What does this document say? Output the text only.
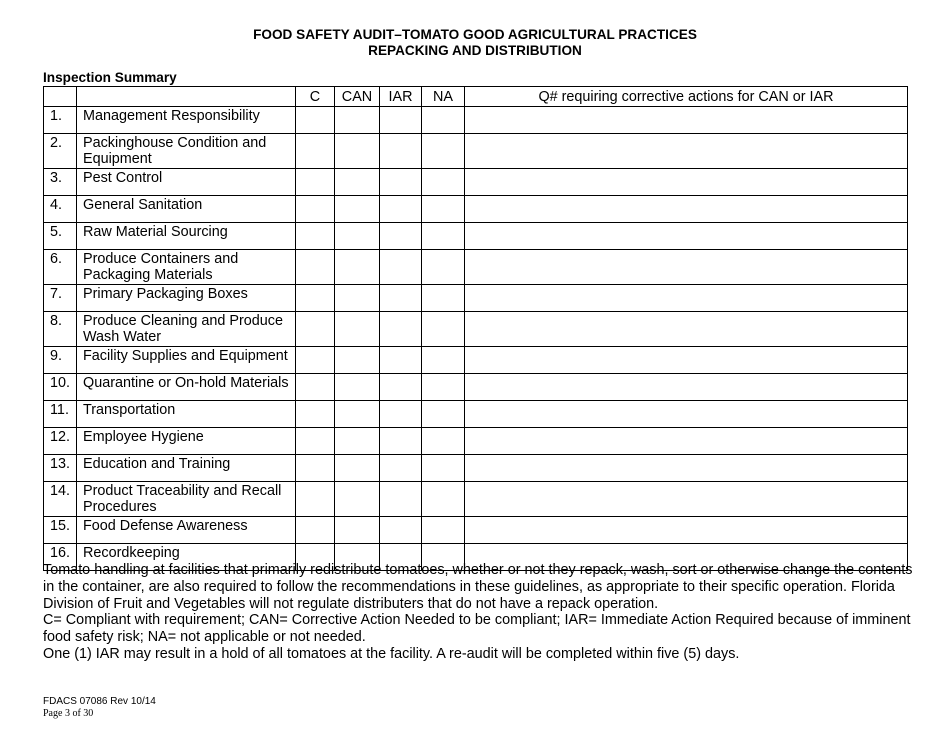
FOOD SAFETY AUDIT–TOMATO GOOD AGRICULTURAL PRACTICES
REPACKING AND DISTRIBUTION
Inspection Summary
		C	CAN	IAR	NA	Q# requiring corrective actions for CAN or IAR
1.	Management Responsibility					
2.	Packinghouse Condition and Equipment					
3.	Pest Control					
4.	General Sanitation					
5.	Raw Material Sourcing					
6.	Produce Containers and Packaging Materials					
7.	Primary Packaging Boxes					
8.	Produce Cleaning and Produce Wash Water					
9.	Facility Supplies and Equipment					
10.	Quarantine or On-hold Materials					
11.	Transportation					
12.	Employee Hygiene					
13.	Education and Training					
14.	Product Traceability and Recall Procedures					
15.	Food Defense Awareness					
16.	Recordkeeping					

Tomato handling at facilities that primarily redistribute tomatoes, whether or not they repack, wash, sort or otherwise change the contents in the container, are also required to follow the recommendations in these guidelines, as appropriate to their specific operation. Florida Division of Fruit and Vegetables will not regulate distributers that do not have a repack operation.

C= Compliant with requirement; CAN= Corrective Action Needed to be compliant; IAR= Immediate Action Required because of imminent food safety risk; NA= not applicable or not needed.

One (1) IAR may result in a hold of all tomatoes at the facility. A re-audit will be completed within five (5) days.

FDACS 07086 Rev 10/14
Page 3 of 30
